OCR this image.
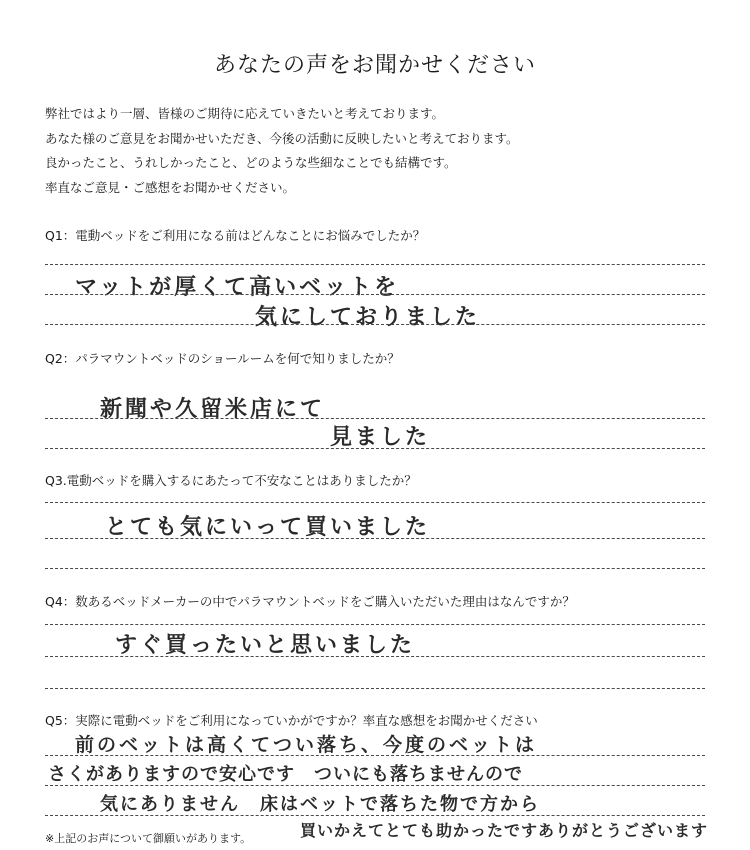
あなたの声をお聞かせください

弊社ではより一層、皆様のご期待に応えていきたいと考えております。

あなた様のご意見をお聞かせいただき、今後の活動に反映したいと考えております。

良かったこと、うれしかったこと、どのような些細なことでも結構です。

率直なご意見・ご感想をお聞かせください。

Q1：電動ベッドをご利用になる前はどんなことにお悩みでしたか？
マットが厚くて高いベットを
気にしておりました
Q2：パラマウントベッドのショールームを何で知りましたか？
新聞や久留米店にて
見ました
Q3.電動ベッドを購入するにあたって不安なことはありましたか？
とても気にいって買いました
Q4：数あるベッドメーカーの中でパラマウントベッドをご購入いただいた理由はなんですか？
すぐ買ったいと思いました
Q5：実際に電動ベッドをご利用になっていかがですか？率直な感想をお聞かせください
前のベットは高くてつい落ち、今度のベットは
さくがありますので安心です　ついにも落ちませんので
気にありません　床はベットで落ちた物で方から
買いかえてとても助かったですありがとうございます
※上記のお声について御願いがあります。
